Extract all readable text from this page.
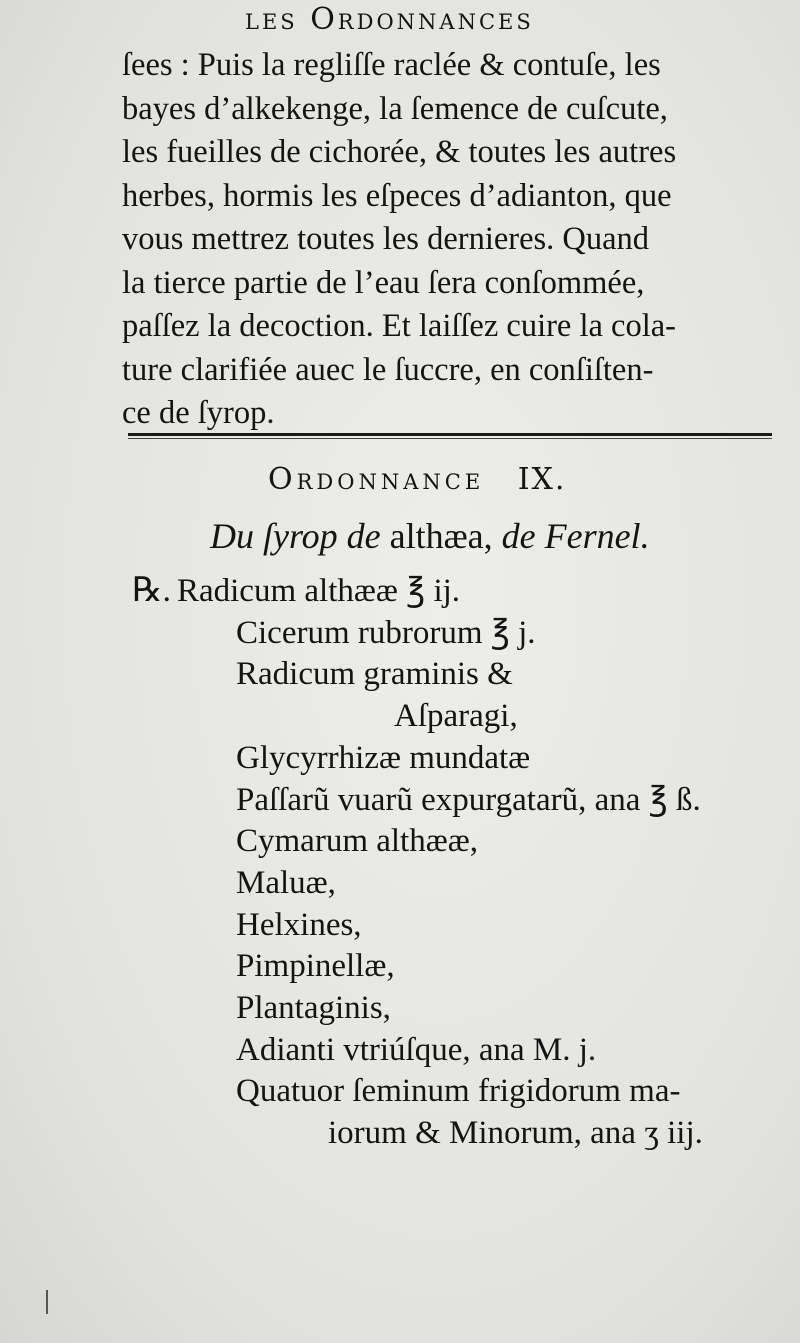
les Ordonnances
ſees : Puis la regliſſe raclée & contuſe, les
bayes d’alkekenge, la ſemence de cuſcute,
les fueilles de cichorée, & toutes les autres
herbes, hormis les eſpeces d’adianton, que
vous mettrez toutes les dernieres. Quand
la tierce partie de l’eau ſera conſommée,
paſſez la decoction. Et laiſſez cuire la cola-
ture clarifiée auec le ſuccre, en conſiſten-
ce de ſyrop.
Ordonnance IX.
Du ſyrop de althæa, de Fernel.
℞. Radicum althææ ℥ ij.
Cicerum rubrorum ℥ j.
Radicum graminis &
Aſparagi,
Glycyrrhizæ mundatæ
Paſſarũ vuarũ expurgatarũ, ana ℥ ß.
Cymarum althææ,
Maluæ,
Helxines,
Pimpinellæ,
Plantaginis,
Adianti vtriúſque, ana M. j.
Quatuor ſeminum frigidorum ma-
iorum & Minorum, ana ʒ iij.
